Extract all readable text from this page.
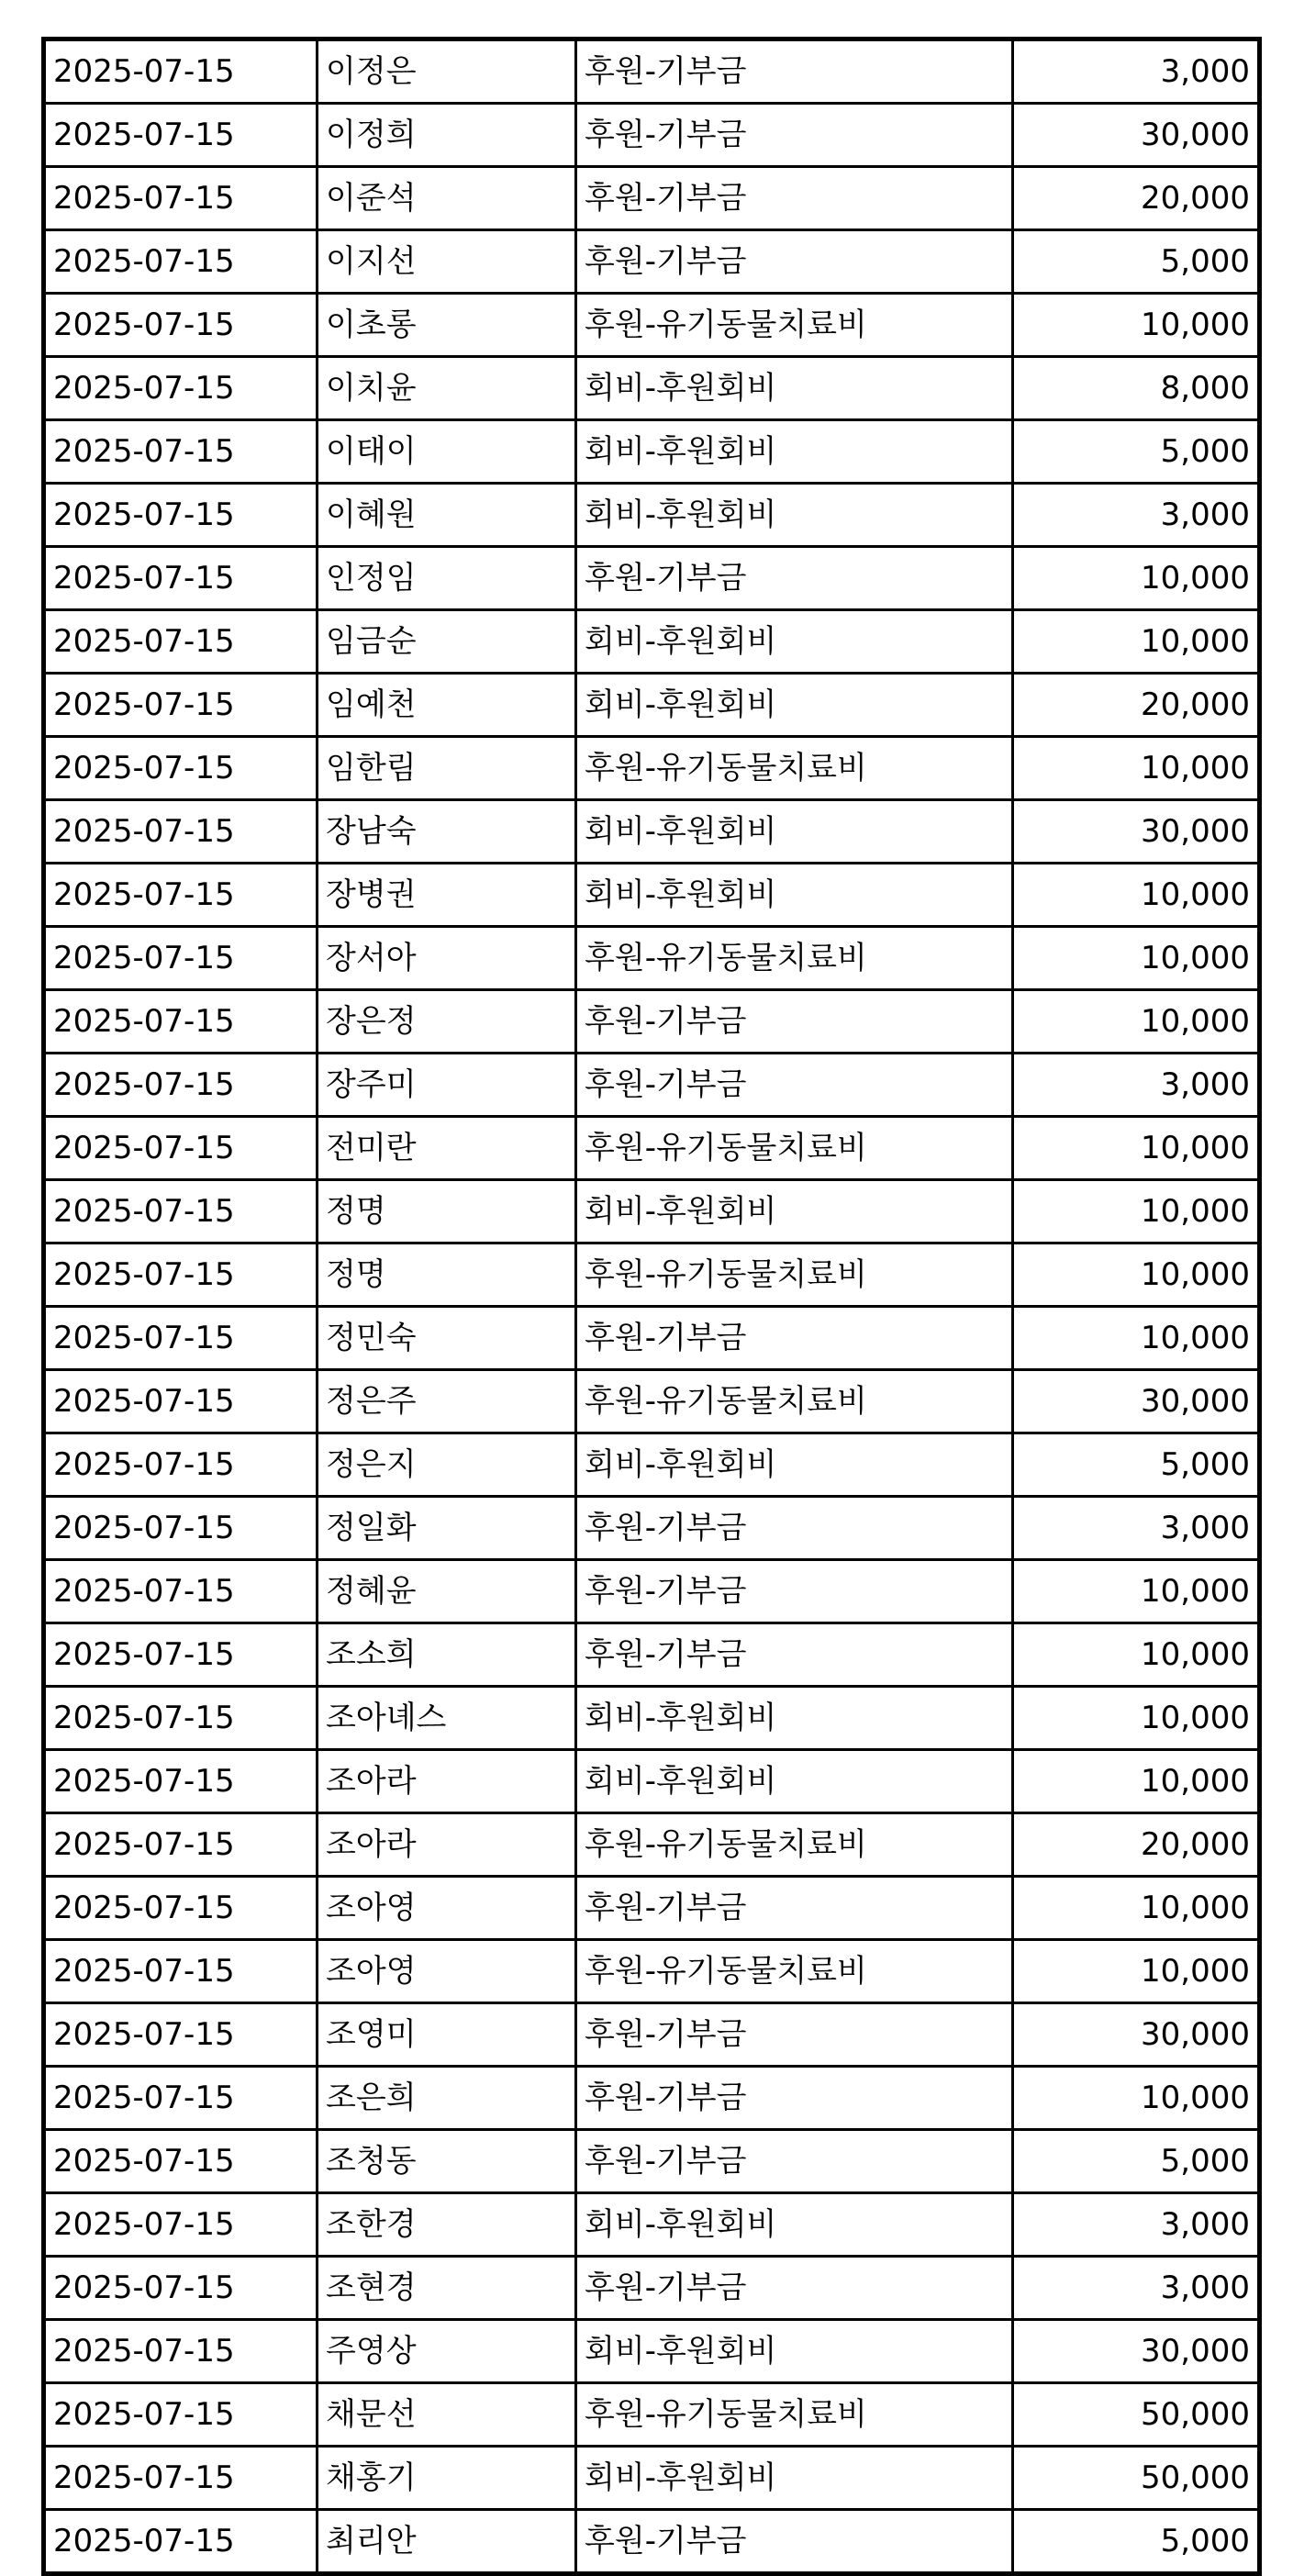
2025-07-15	이정은	후원-기부금	3,000
2025-07-15	이정희	후원-기부금	30,000
2025-07-15	이준석	후원-기부금	20,000
2025-07-15	이지선	후원-기부금	5,000
2025-07-15	이초롱	후원-유기동물치료비	10,000
2025-07-15	이치윤	회비-후원회비	8,000
2025-07-15	이태이	회비-후원회비	5,000
2025-07-15	이혜원	회비-후원회비	3,000
2025-07-15	인정임	후원-기부금	10,000
2025-07-15	임금순	회비-후원회비	10,000
2025-07-15	임예천	회비-후원회비	20,000
2025-07-15	임한림	후원-유기동물치료비	10,000
2025-07-15	장남숙	회비-후원회비	30,000
2025-07-15	장병권	회비-후원회비	10,000
2025-07-15	장서아	후원-유기동물치료비	10,000
2025-07-15	장은정	후원-기부금	10,000
2025-07-15	장주미	후원-기부금	3,000
2025-07-15	전미란	후원-유기동물치료비	10,000
2025-07-15	정명	회비-후원회비	10,000
2025-07-15	정명	후원-유기동물치료비	10,000
2025-07-15	정민숙	후원-기부금	10,000
2025-07-15	정은주	후원-유기동물치료비	30,000
2025-07-15	정은지	회비-후원회비	5,000
2025-07-15	정일화	후원-기부금	3,000
2025-07-15	정혜윤	후원-기부금	10,000
2025-07-15	조소희	후원-기부금	10,000
2025-07-15	조아녜스	회비-후원회비	10,000
2025-07-15	조아라	회비-후원회비	10,000
2025-07-15	조아라	후원-유기동물치료비	20,000
2025-07-15	조아영	후원-기부금	10,000
2025-07-15	조아영	후원-유기동물치료비	10,000
2025-07-15	조영미	후원-기부금	30,000
2025-07-15	조은희	후원-기부금	10,000
2025-07-15	조청동	후원-기부금	5,000
2025-07-15	조한경	회비-후원회비	3,000
2025-07-15	조현경	후원-기부금	3,000
2025-07-15	주영상	회비-후원회비	30,000
2025-07-15	채문선	후원-유기동물치료비	50,000
2025-07-15	채홍기	회비-후원회비	50,000
2025-07-15	최리안	후원-기부금	5,000
